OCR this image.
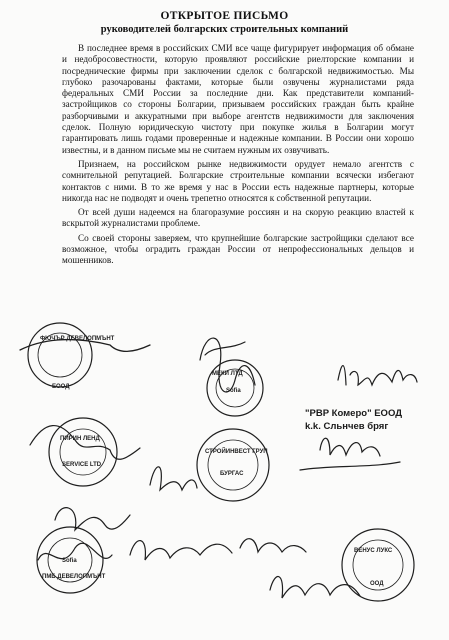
ОТКРЫТОЕ ПИСЬМО
руководителей болгарских строительных компаний

В последнее время в российских СМИ все чаще фигурирует информация об обмане и недобросовестности, которую проявляют российские риелторские компании и посреднические фирмы при заключении сделок с болгарской недвижимостью. Мы глубоко разочарованы фактами, которые были озвучены журналистами ряда федеральных СМИ России за последние дни. Как представители компаний-застройщиков со стороны Болгарии, призываем российских граждан быть крайне разборчивыми и аккуратными при выборе агентств недвижимости для заключения сделок. Полную юридическую чистоту при покупке жилья в Болгарии могут гарантировать лишь годами проверенные и надежные компании. В России они хорошо известны, и в данном письме мы не считаем нужным их озвучивать.

Признаем, на российском рынке недвижимости орудует немало агентств с сомнительной репутацией. Болгарские строительные компании всячески избегают контактов с ними. В то же время у нас в России есть надежные партнеры, которые никогда нас не подводят и очень трепетно относятся к собственной репутации.

От всей души надеемся на благоразумие россиян и на скорую реакцию властей к вскрытой журналистами проблеме.

Со своей стороны заверяем, что крупнейшие болгарские застройщики сделают все возможное, чтобы оградить граждан России от непрофессиональных дельцов и мошенников.

ФЮЧЪР ДЕВЕЛОПМЪНТ
ЕООД
МЕКИ ЛТД
Sofia
ПИРИН ЛЕНД
SERVICE LTD
СТРОЙИНВЕСТ ГРУП
БУРГАС
ВЕНУС ЛУКС
ООД
Sofia
ПМБ ДЕВЕЛОПМЪНТ
"РВР Комеро" ЕООД
k.k. Сльнчев бряг
